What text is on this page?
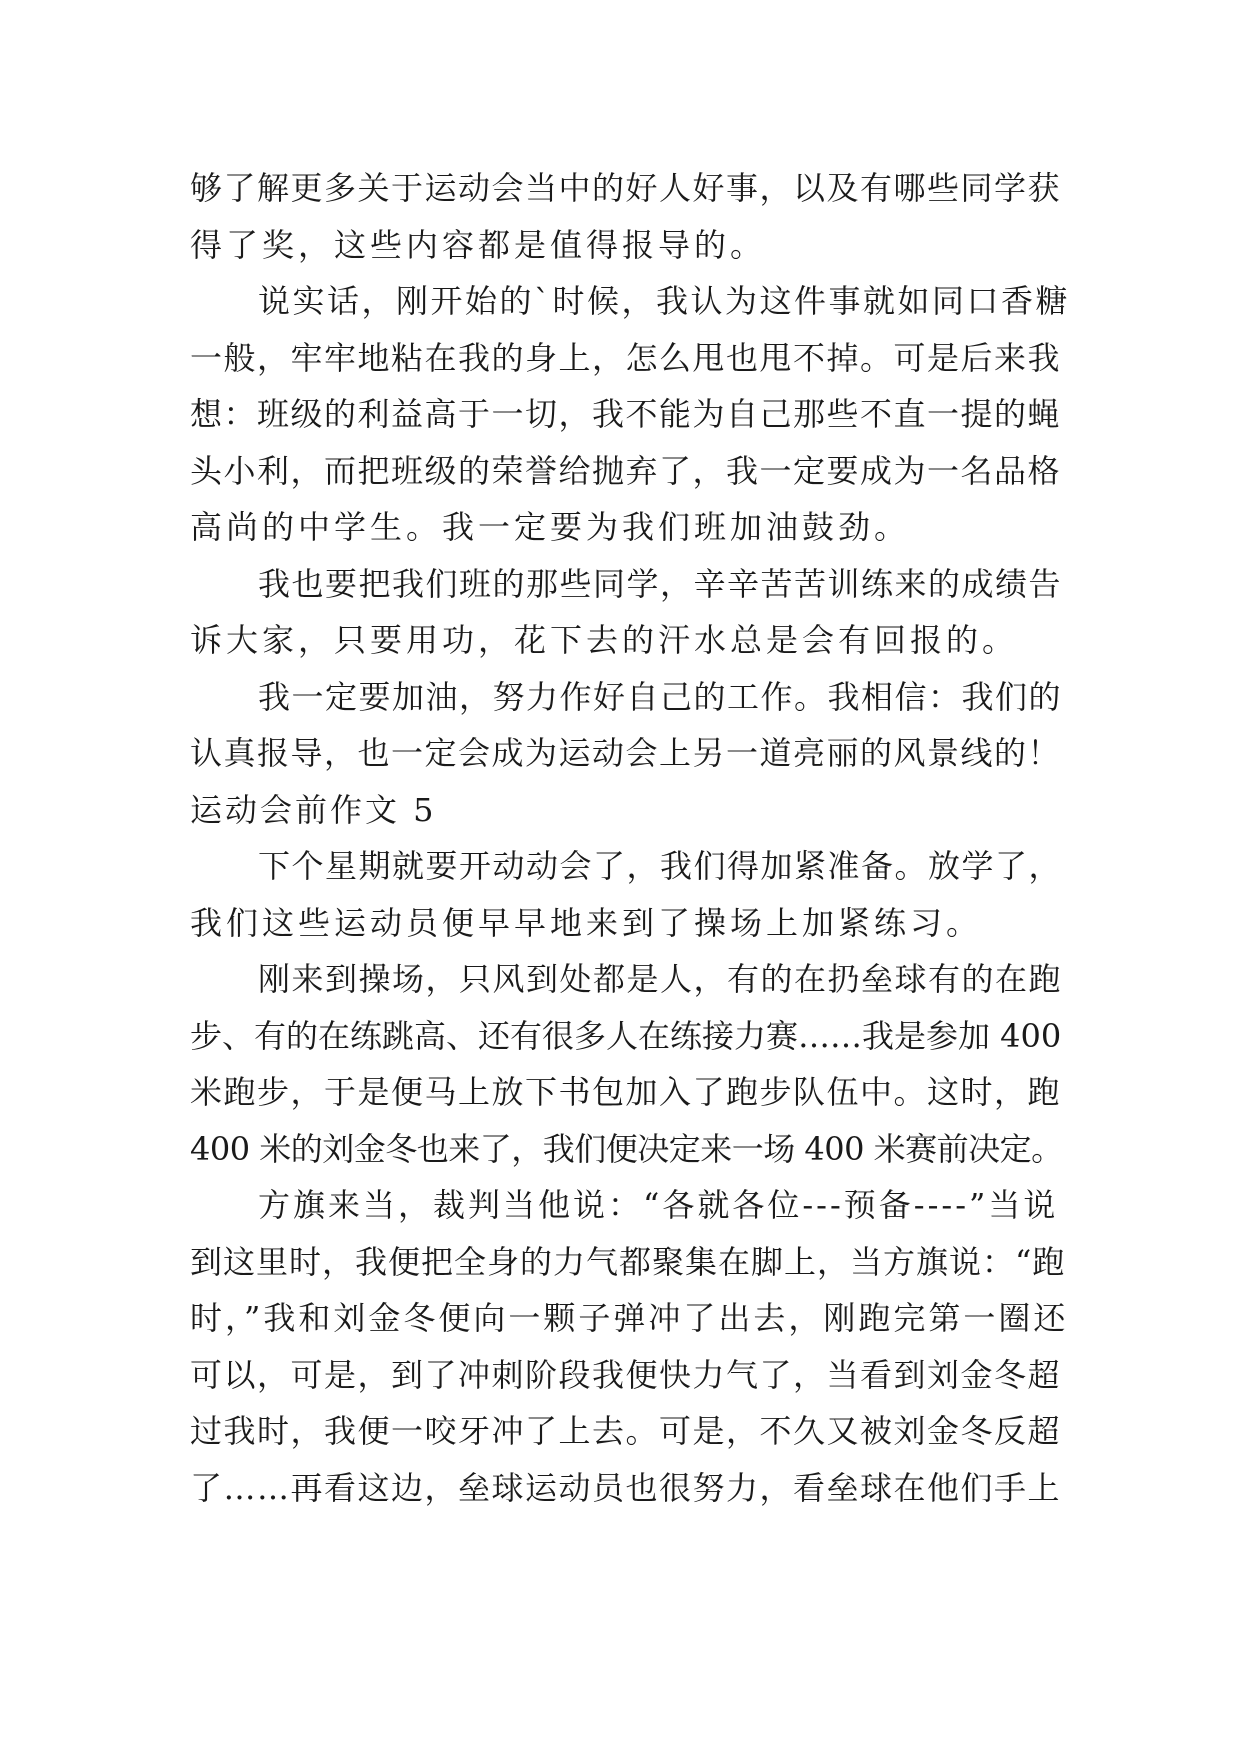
够了解更多关于运动会当中的好人好事，以及有哪些同学获
得了奖，这些内容都是值得报导的。
说实话，刚开始的`时候，我认为这件事就如同口香糖
一般，牢牢地粘在我的身上，怎么甩也甩不掉。可是后来我
想：班级的利益高于一切，我不能为自己那些不直一提的蝇
头小利，而把班级的荣誉给抛弃了，我一定要成为一名品格
高尚的中学生。我一定要为我们班加油鼓劲。
我也要把我们班的那些同学，辛辛苦苦训练来的成绩告
诉大家，只要用功，花下去的汗水总是会有回报的。
我一定要加油，努力作好自己的工作。我相信：我们的
认真报导，也一定会成为运动会上另一道亮丽的风景线的！
运动会前作文 5
下个星期就要开动动会了，我们得加紧准备。放学了，
我们这些运动员便早早地来到了操场上加紧练习。
刚来到操场，只风到处都是人，有的在扔垒球有的在跑
步、有的在练跳高、还有很多人在练接力赛……我是参加 400
米跑步，于是便马上放下书包加入了跑步队伍中。这时，跑
400 米的刘金冬也来了，我们便决定来一场 400 米赛前决定。
方旗来当，裁判当他说：“各就各位---预备----”当说
到这里时，我便把全身的力气都聚集在脚上，当方旗说：“跑
时，”我和刘金冬便向一颗子弹冲了出去，刚跑完第一圈还
可以，可是，到了冲刺阶段我便快力气了，当看到刘金冬超
过我时，我便一咬牙冲了上去。可是，不久又被刘金冬反超
了……再看这边，垒球运动员也很努力，看垒球在他们手上
